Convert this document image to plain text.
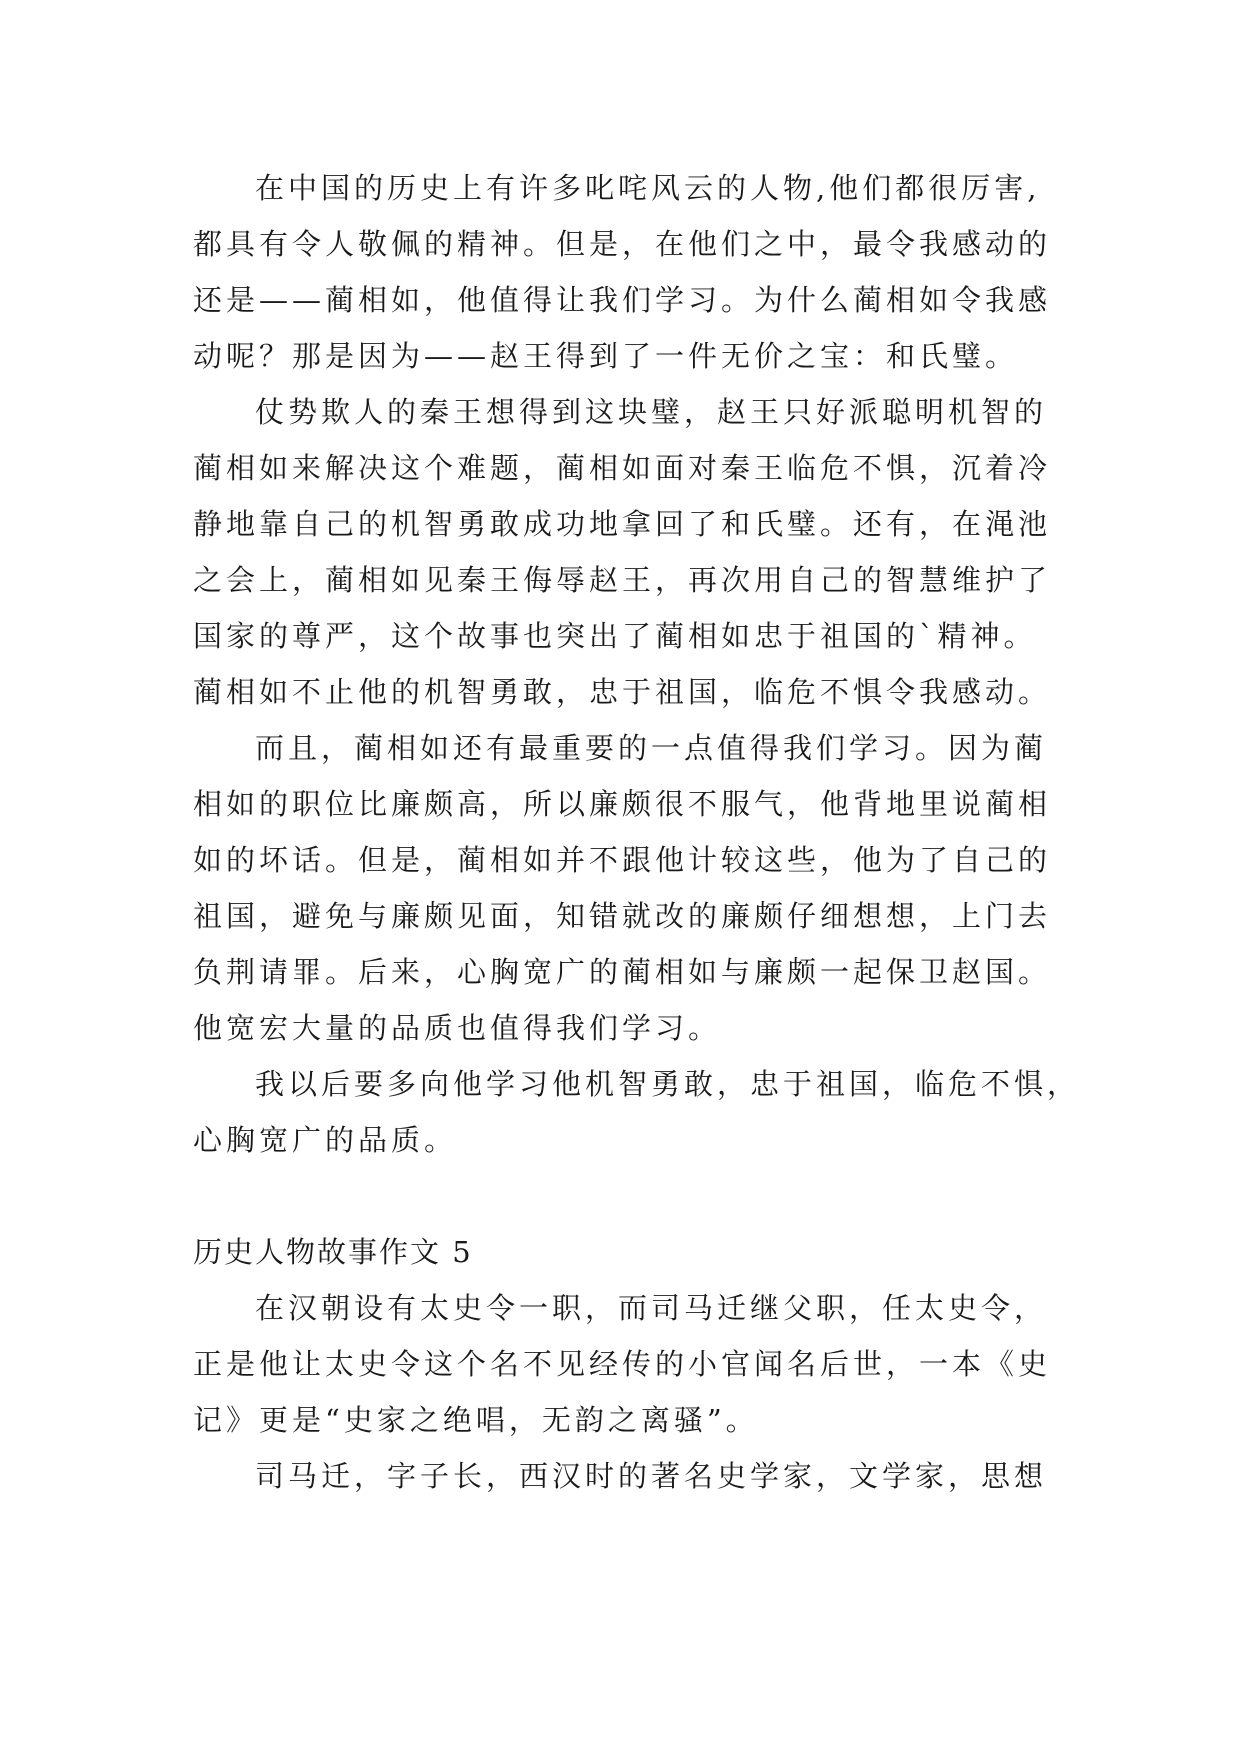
在中国的历史上有许多叱咤风云的人物,他们都很厉害,
都具有令人敬佩的精神。但是，在他们之中，最令我感动的
还是——蔺相如，他值得让我们学习。为什么蔺相如令我感
动呢？那是因为——赵王得到了一件无价之宝：和氏璧。
仗势欺人的秦王想得到这块璧，赵王只好派聪明机智的
蔺相如来解决这个难题，蔺相如面对秦王临危不惧，沉着冷
静地靠自己的机智勇敢成功地拿回了和氏璧。还有，在渑池
之会上，蔺相如见秦王侮辱赵王，再次用自己的智慧维护了
国家的尊严，这个故事也突出了蔺相如忠于祖国的`精神。
蔺相如不止他的机智勇敢，忠于祖国，临危不惧令我感动。
而且，蔺相如还有最重要的一点值得我们学习。因为蔺
相如的职位比廉颇高，所以廉颇很不服气，他背地里说蔺相
如的坏话。但是，蔺相如并不跟他计较这些，他为了自己的
祖国，避免与廉颇见面，知错就改的廉颇仔细想想，上门去
负荆请罪。后来，心胸宽广的蔺相如与廉颇一起保卫赵国。
他宽宏大量的品质也值得我们学习。
我以后要多向他学习他机智勇敢，忠于祖国，临危不惧，
心胸宽广的品质。
历史人物故事作文 5
在汉朝设有太史令一职，而司马迁继父职，任太史令，
正是他让太史令这个名不见经传的小官闻名后世，一本《史
记》更是“史家之绝唱，无韵之离骚”。
司马迁，字子长，西汉时的著名史学家，文学家，思想
